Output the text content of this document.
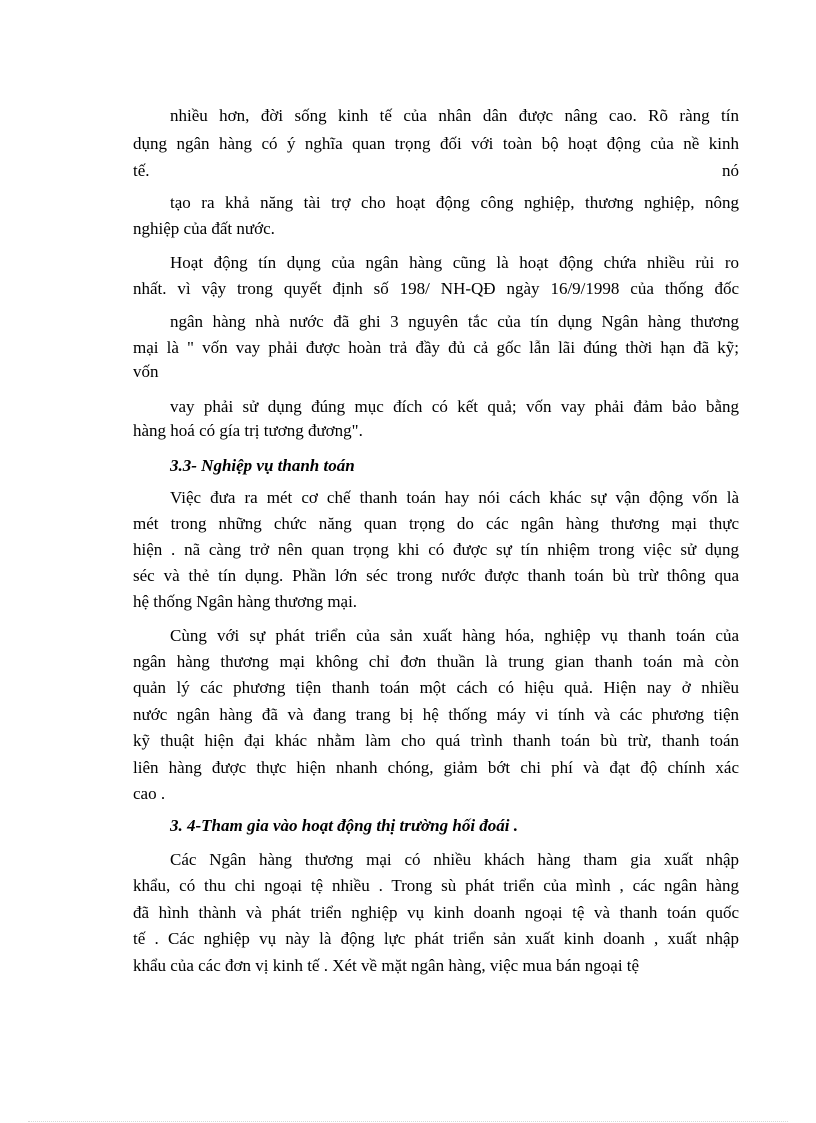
nhiều hơn, đời sống kinh tế của nhân dân được nâng cao. Rõ ràng tín
dụng ngân hàng có ý nghĩa quan trọng đối với toàn bộ hoạt động của nề kinh
tế.	nó
tạo ra khả năng tài trợ cho hoạt động công nghiệp, thương nghiệp, nông
nghiệp của đất nước.
Hoạt động tín dụng của ngân hàng cũng là hoạt động chứa nhiều rủi ro
nhất. vì vậy trong quyết định số 198/ NH-QĐ ngày 16/9/1998 của thống đốc
ngân hàng nhà nước đã ghi 3 nguyên tắc của tín dụng Ngân hàng thương
mại là " vốn vay phải được hoàn trả đầy đủ cả gốc lẫn lãi đúng thời hạn đã kỹ;
vốn
vay phải sử dụng đúng mục đích có kết quả; vốn vay phải đảm bảo bằng
hàng hoá có gía trị tương đương".
3.3- Nghiệp vụ thanh toán
Việc đưa ra mét cơ chế thanh toán hay nói cách khác sự vận động vốn là
mét trong những chức năng quan trọng do các ngân hàng thương mại thực
hiện . nã càng trở nên quan trọng khi có được sự tín nhiệm trong việc sử dụng
séc và thẻ tín dụng. Phần lớn séc trong nước được thanh toán bù trừ thông qua
hệ thống Ngân hàng thương mại.
Cùng với sự phát triển của sản xuất hàng hóa, nghiệp vụ thanh toán của
ngân hàng thương mại không chỉ đơn thuần là trung gian thanh toán mà còn
quản lý các phương tiện thanh toán một cách có hiệu quả. Hiện nay ở nhiều
nước ngân hàng đã và đang trang bị hệ thống máy vi tính và các phương tiện
kỹ thuật hiện đại khác nhằm làm cho quá trình thanh toán bù trừ, thanh toán
liên hàng được thực hiện nhanh chóng, giảm bớt chi phí và đạt độ chính xác
cao .
3. 4-Tham gia vào hoạt động thị trường hối đoái .
Các Ngân hàng thương mại có nhiều khách hàng tham gia xuất nhập
khẩu, có thu chi ngoại tệ nhiều . Trong sù phát triển của mình , các ngân hàng
đã hình thành và phát triển nghiệp vụ kinh doanh ngoại tệ và thanh toán quốc
tế . Các nghiệp vụ này là động lực phát triển sản xuất kinh doanh , xuất nhập
khẩu của các đơn vị kinh tế . Xét về mặt ngân hàng, việc mua bán ngoại tệ
